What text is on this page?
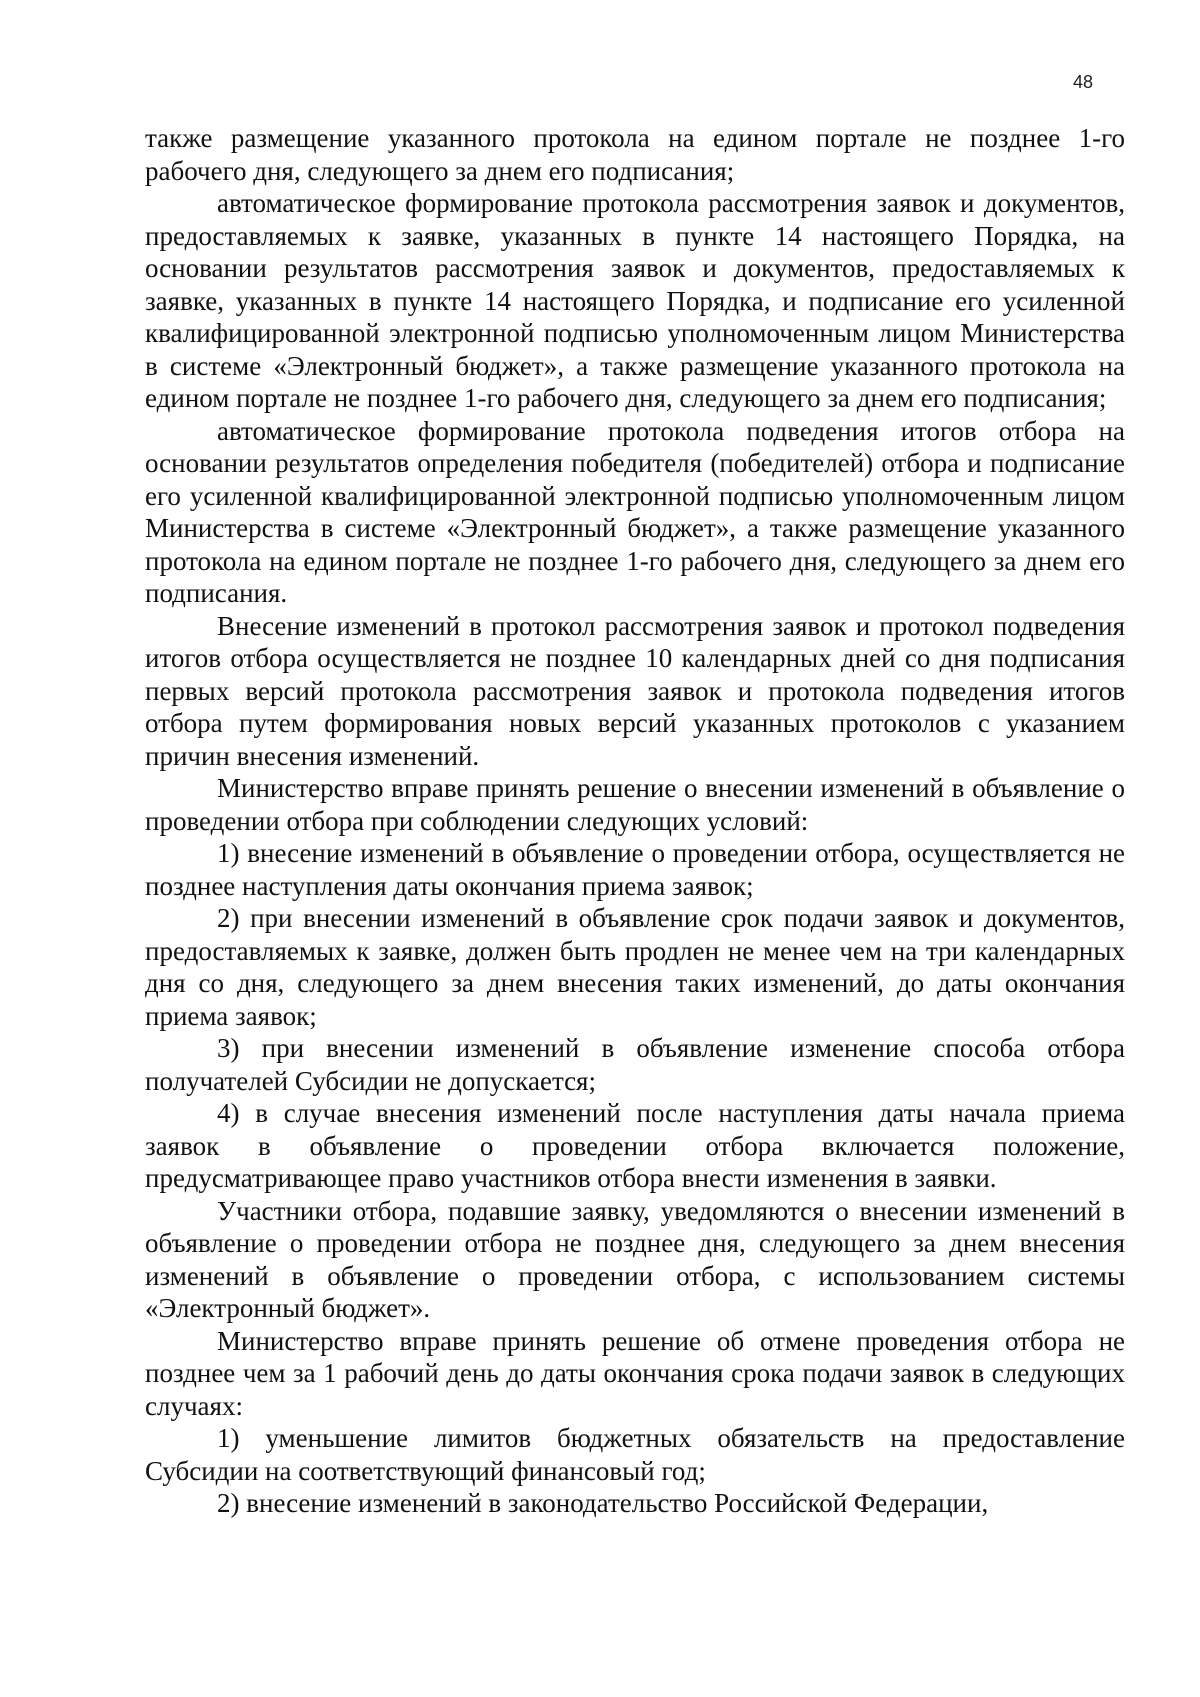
48

также размещение указанного протокола на едином портале не позднее 1-го рабочего дня, следующего за днем его подписания;

автоматическое формирование протокола рассмотрения заявок и документов, предоставляемых к заявке, указанных в пункте 14 настоящего Порядка, на основании результатов рассмотрения заявок и документов, предоставляемых к заявке, указанных в пункте 14 настоящего Порядка, и подписание его усиленной квалифицированной электронной подписью уполномоченным лицом Министерства в системе «Электронный бюджет», а также размещение указанного протокола на едином портале не позднее 1-го рабочего дня, следующего за днем его подписания;

автоматическое формирование протокола подведения итогов отбора на основании результатов определения победителя (победителей) отбора и подписание его усиленной квалифицированной электронной подписью уполномоченным лицом Министерства в системе «Электронный бюджет», а также размещение указанного протокола на едином портале не позднее 1-го рабочего дня, следующего за днем его подписания.

Внесение изменений в протокол рассмотрения заявок и протокол подведения итогов отбора осуществляется не позднее 10 календарных дней со дня подписания первых версий протокола рассмотрения заявок и протокола подведения итогов отбора путем формирования новых версий указанных протоколов с указанием причин внесения изменений.

Министерство вправе принять решение о внесении изменений в объявление о проведении отбора при соблюдении следующих условий:

1) внесение изменений в объявление о проведении отбора, осуществляется не позднее наступления даты окончания приема заявок;

2) при внесении изменений в объявление срок подачи заявок и документов, предоставляемых к заявке, должен быть продлен не менее чем на три календарных дня со дня, следующего за днем внесения таких изменений, до даты окончания приема заявок;

3) при внесении изменений в объявление изменение способа отбора получателей Субсидии не допускается;

4) в случае внесения изменений после наступления даты начала приема заявок в объявление о проведении отбора включается положение, предусматривающее право участников отбора внести изменения в заявки.

Участники отбора, подавшие заявку, уведомляются о внесении изменений в объявление о проведении отбора не позднее дня, следующего за днем внесения изменений в объявление о проведении отбора, с использованием системы «Электронный бюджет».

Министерство вправе принять решение об отмене проведения отбора не позднее чем за 1 рабочий день до даты окончания срока подачи заявок в следующих случаях:

1) уменьшение лимитов бюджетных обязательств на предоставление Субсидии на соответствующий финансовый год;

2) внесение изменений в законодательство Российской Федерации,
